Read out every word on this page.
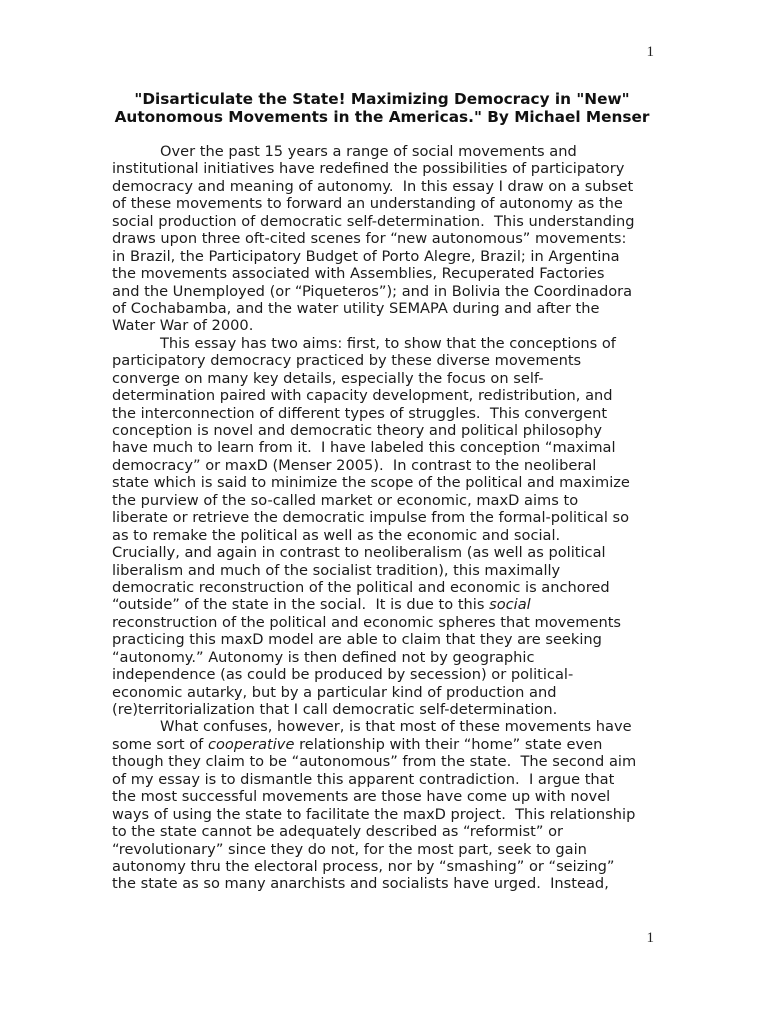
1
"Disarticulate the State! Maximizing Democracy in "New"
Autonomous Movements in the Americas." By Michael Menser
Over the past 15 years a range of social movements and
institutional initiatives have redefined the possibilities of participatory
democracy and meaning of autonomy.  In this essay I draw on a subset
of these movements to forward an understanding of autonomy as the
social production of democratic self-determination.  This understanding
draws upon three oft-cited scenes for “new autonomous” movements:
in Brazil, the Participatory Budget of Porto Alegre, Brazil; in Argentina
the movements associated with Assemblies, Recuperated Factories
and the Unemployed (or “Piqueteros”); and in Bolivia the Coordinadora
of Cochabamba, and the water utility SEMAPA during and after the
Water War of 2000.
This essay has two aims: first, to show that the conceptions of
participatory democracy practiced by these diverse movements
converge on many key details, especially the focus on self-
determination paired with capacity development, redistribution, and
the interconnection of different types of struggles.  This convergent
conception is novel and democratic theory and political philosophy
have much to learn from it.  I have labeled this conception “maximal
democracy” or maxD (Menser 2005).  In contrast to the neoliberal
state which is said to minimize the scope of the political and maximize
the purview of the so-called market or economic, maxD aims to
liberate or retrieve the democratic impulse from the formal-political so
as to remake the political as well as the economic and social.
Crucially, and again in contrast to neoliberalism (as well as political
liberalism and much of the socialist tradition), this maximally
democratic reconstruction of the political and economic is anchored
“outside” of the state in the social.  It is due to this social
reconstruction of the political and economic spheres that movements
practicing this maxD model are able to claim that they are seeking
“autonomy.” Autonomy is then defined not by geographic
independence (as could be produced by secession) or political-
economic autarky, but by a particular kind of production and
(re)territorialization that I call democratic self-determination.
What confuses, however, is that most of these movements have
some sort of cooperative relationship with their “home” state even
though they claim to be “autonomous” from the state.  The second aim
of my essay is to dismantle this apparent contradiction.  I argue that
the most successful movements are those have come up with novel
ways of using the state to facilitate the maxD project.  This relationship
to the state cannot be adequately described as “reformist” or
“revolutionary” since they do not, for the most part, seek to gain
autonomy thru the electoral process, nor by “smashing” or “seizing”
the state as so many anarchists and socialists have urged.  Instead,
1
